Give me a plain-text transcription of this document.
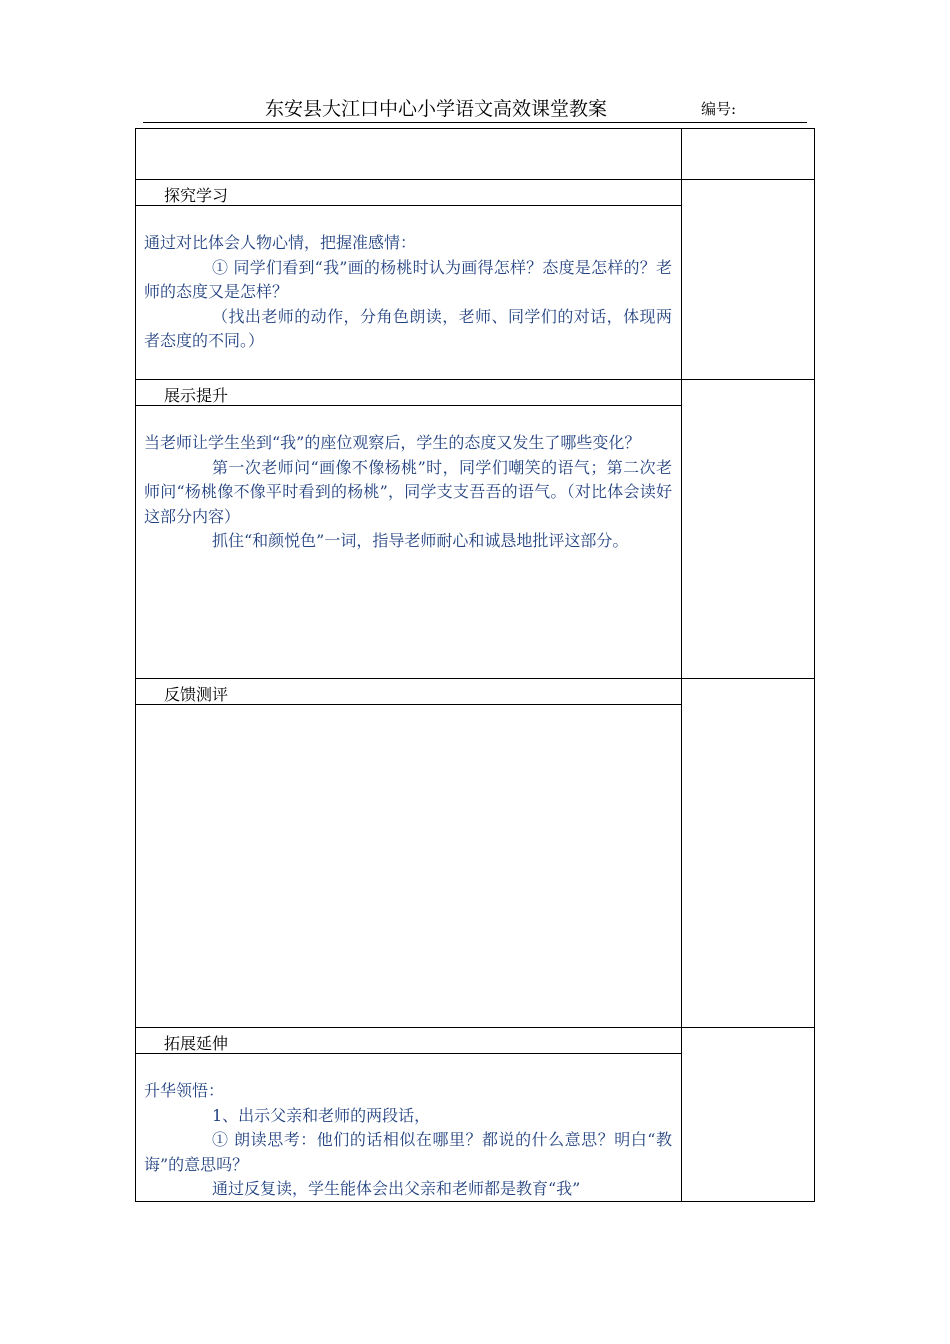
东安县大江口中心小学语文高效课堂教案	编号:
探究学习

通过对比体会人物心情，把握准感情：

① 同学们看到“我”画的杨桃时认为画得怎样？态度是怎样的？老师的态度又是怎样？

（找出老师的动作，分角色朗读，老师、同学们的对话，体现两者态度的不同。）

展示提升

当老师让学生坐到“我”的座位观察后，学生的态度又发生了哪些变化？

第一次老师问“画像不像杨桃”时，同学们嘲笑的语气；第二次老师问“杨桃像不像平时看到的杨桃”，同学支支吾吾的语气。（对比体会读好这部分内容）

抓住“和颜悦色”一词，指导老师耐心和诚恳地批评这部分。

反馈测评
拓展延伸

升华领悟：

1、出示父亲和老师的两段话，

① 朗读思考：他们的话相似在哪里？都说的什么意思？明白“教诲”的意思吗？

通过反复读，学生能体会出父亲和老师都是教育“我”
